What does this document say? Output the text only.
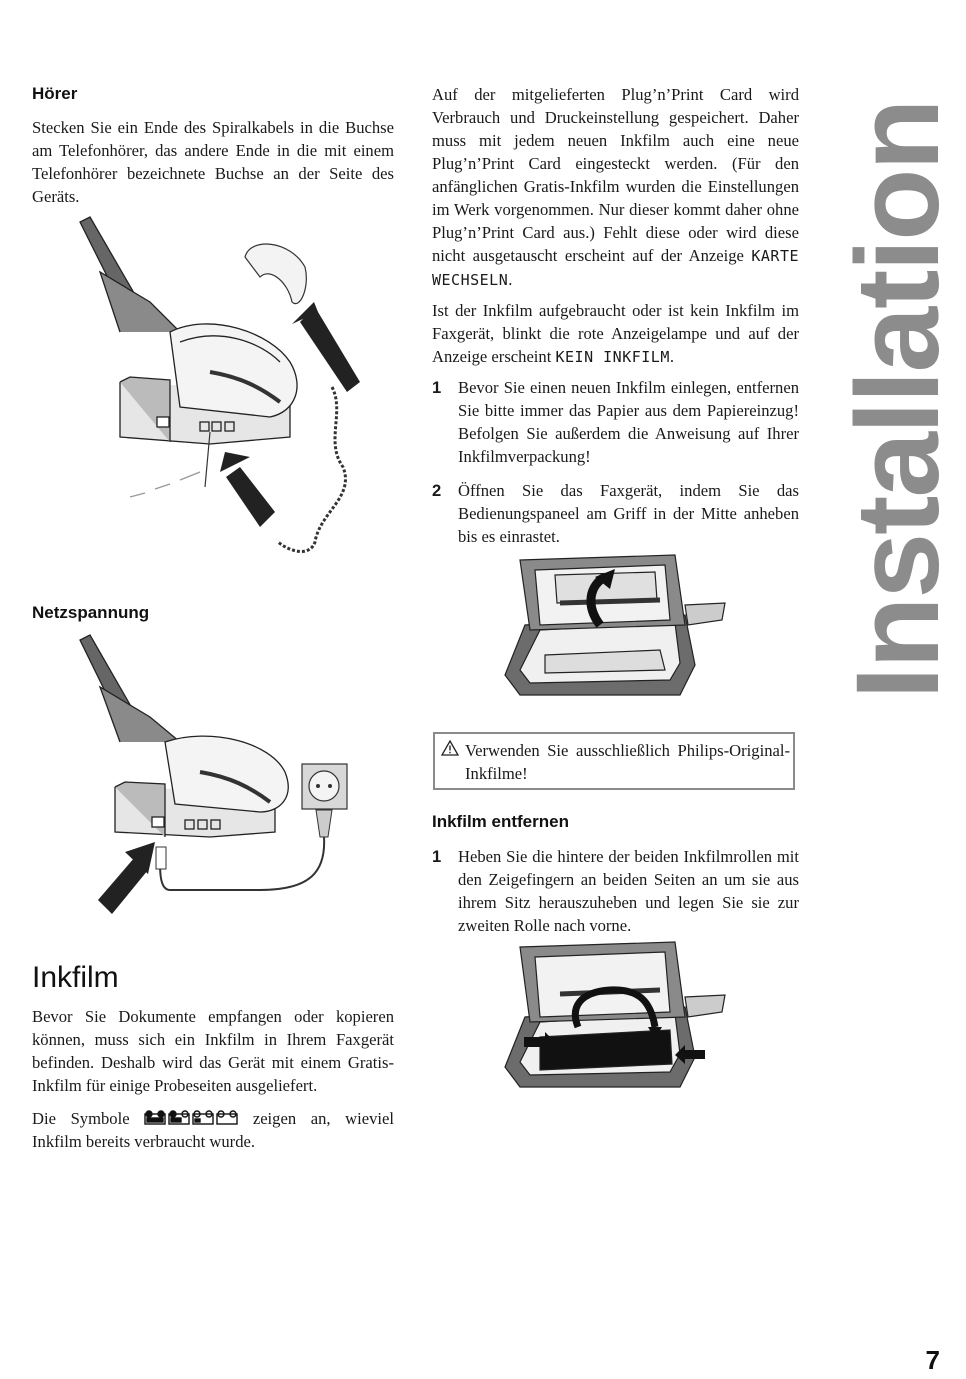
Hörer

Stecken Sie ein Ende des Spiralkabels in die Buchse am Telefonhörer, das andere Ende in die mit einem Telefonhörer bezeichnete Buchse an der Seite des Geräts.

Netzspannung
Inkfilm

Bevor Sie Dokumente empfangen oder kopieren können, muss sich ein Inkfilm in Ihrem Faxgerät befinden. Deshalb wird das Gerät mit einem Gratis-Inkfilm für einige Probeseiten ausgeliefert.

Die Symbole	zeigen an, wieviel Inkfilm bereits verbraucht wurde.

Auf der mitgelieferten Plug’n’Print Card wird Verbrauch und Druckeinstellung gespeichert. Daher muss mit jedem neuen Inkfilm auch eine neue Plug’n’Print Card eingesteckt werden. (Für den anfänglichen Gratis-Inkfilm wurden die Einstellungen im Werk vorgenommen. Nur dieser kommt daher ohne Plug’n’Print Card aus.) Fehlt diese oder wird diese nicht ausgetauscht erscheint auf der Anzeige KARTE WECHSELN.

Ist der Inkfilm aufgebraucht oder ist kein Inkfilm im Faxgerät, blinkt die rote Anzeigelampe und auf der Anzeige erscheint KEIN INKFILM.

1 Bevor Sie einen neuen Inkfilm einlegen, entfernen Sie bitte immer das Papier aus dem Papiereinzug! Befolgen Sie außerdem die Anweisung auf Ihrer Inkfilmverpackung!
2 Öffnen Sie das Faxgerät, indem Sie das Bedienungspaneel am Griff in der Mitte anheben bis es einrastet.
Verwenden Sie ausschließlich Philips-Original-Inkfilme!
Inkfilm entfernen
1 Heben Sie die hintere der beiden Inkfilmrollen mit den Zeigefingern an beiden Seiten an um sie aus ihrem Sitz herauszuheben und legen Sie sie zur zweiten Rolle nach vorne.
Installation
7
